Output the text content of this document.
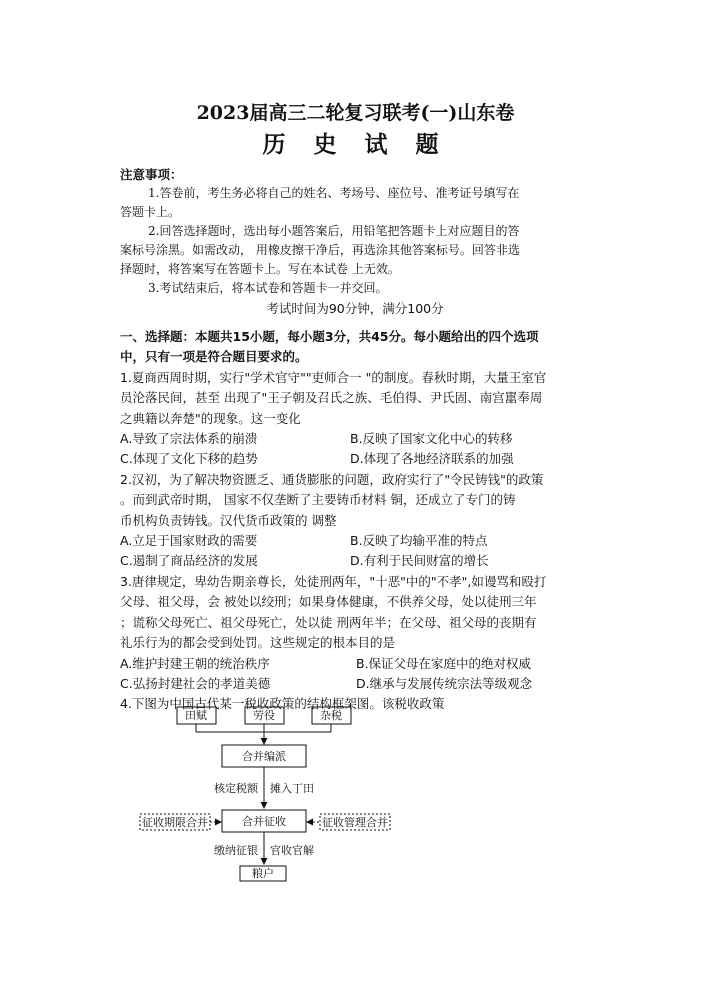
2023届高三二轮复习联考(一)山东卷
历 史 试 题

注意事项：

1.答卷前，考生务必将自己的姓名、考场号、座位号、准考证号填写在

答题卡上。

2.回答选择题时，选出每小题答案后，用铅笔把答题卡上对应题目的答

案标号涂黑。如需改动， 用橡皮擦干净后，再选涂其他答案标号。回答非选

择题时，将答案写在答题卡上。写在本试卷 上无效。

3.考试结束后，将本试卷和答题卡一并交回。

考试时间为90分钟，满分100分

一、选择题：本题共15小题，每小题3分，共45分。每小题给出的四个选项

中，只有一项是符合题目要求的。

1.夏商西周时期，实行"学术官守""吏师合一 "的制度。春秋时期，大量王室官

员沦落民间，甚至 出现了"王子朝及召氏之族、毛伯得、尹氏固、南宫嚚奉周

之典籍以奔楚"的现象。这一变化

A.导致了宗法体系的崩溃	B.反映了国家文化中心的转移
C.体现了文化下移的趋势	D.体现了各地经济联系的加强

2.汉初，为了解决物资匮乏、通货膨胀的问题，政府实行了"令民铸钱"的政策

。而到武帝时期， 国家不仅垄断了主要铸币材料 铜，还成立了专门的铸

币机构负责铸钱。汉代货币政策的 调整

A.立足于国家财政的需要	B.反映了均输平准的特点
C.遏制了商品经济的发展	D.有利于民间财富的增长

3.唐律规定，卑幼告期亲尊长，处徒刑两年，"十恶"中的"不孝",如谩骂和殴打

父母、祖父母，会 被处以绞刑；如果身体健康，不供养父母，处以徒刑三年

；谎称父母死亡、祖父母死亡，处以徒 刑两年半；在父母、祖父母的丧期有

礼乐行为的都会受到处罚。这些规定的根本目的是

A.维护封建王朝的统治秩序	B.保证父母在家庭中的绝对权威
C.弘扬封建社会的孝道美德	D.继承与发展传统宗法等级观念

4.下图为中国古代某一税收政策的结构框架图。该税收政策

田赋	劳役	杂税
合并编派
核定税额 摊入丁田
合并征收
征收期限合并	征收管理合并
缴纳征银 官收官解
粮户
